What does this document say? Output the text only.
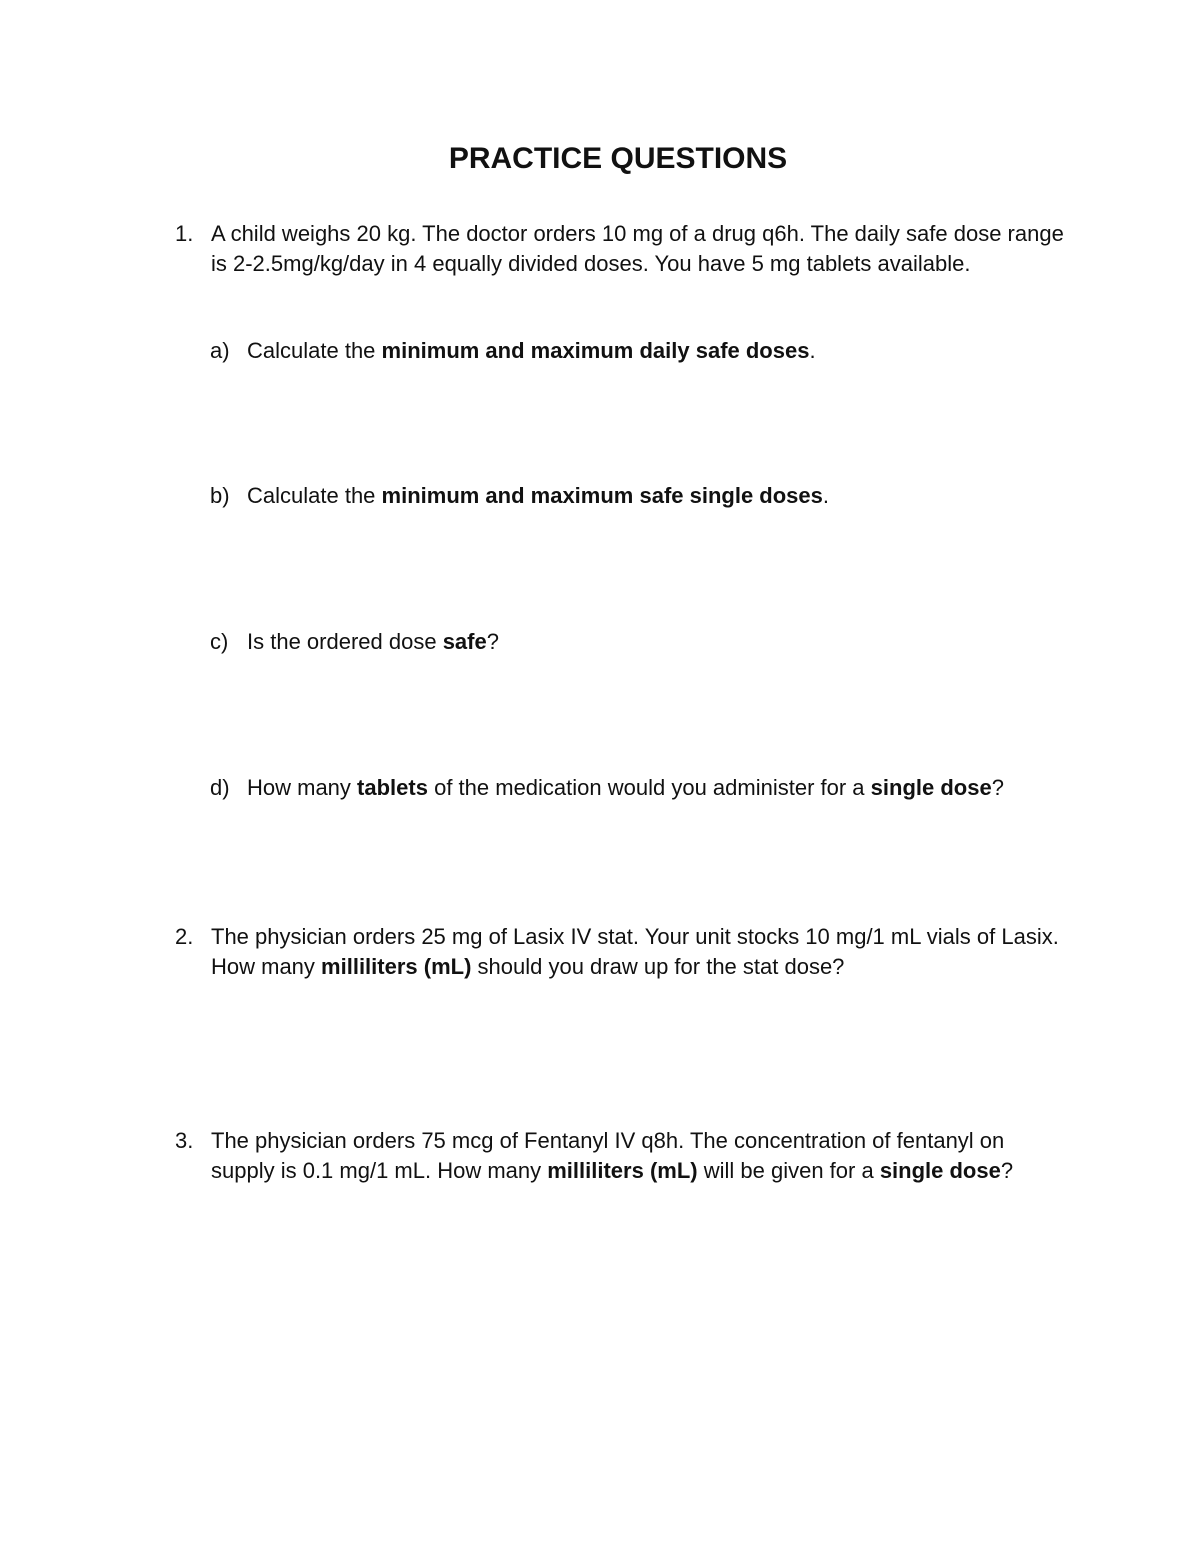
PRACTICE QUESTIONS
1. A child weighs 20 kg. The doctor orders 10 mg of a drug q6h. The daily safe dose range is 2-2.5mg/kg/day in 4 equally divided doses. You have 5 mg tablets available.
a) Calculate the minimum and maximum daily safe doses.
b) Calculate the minimum and maximum safe single doses.
c) Is the ordered dose safe?
d) How many tablets of the medication would you administer for a single dose?
2. The physician orders 25 mg of Lasix IV stat. Your unit stocks 10 mg/1 mL vials of Lasix. How many milliliters (mL) should you draw up for the stat dose?
3. The physician orders 75 mcg of Fentanyl IV q8h. The concentration of fentanyl on supply is 0.1 mg/1 mL. How many milliliters (mL) will be given for a single dose?
